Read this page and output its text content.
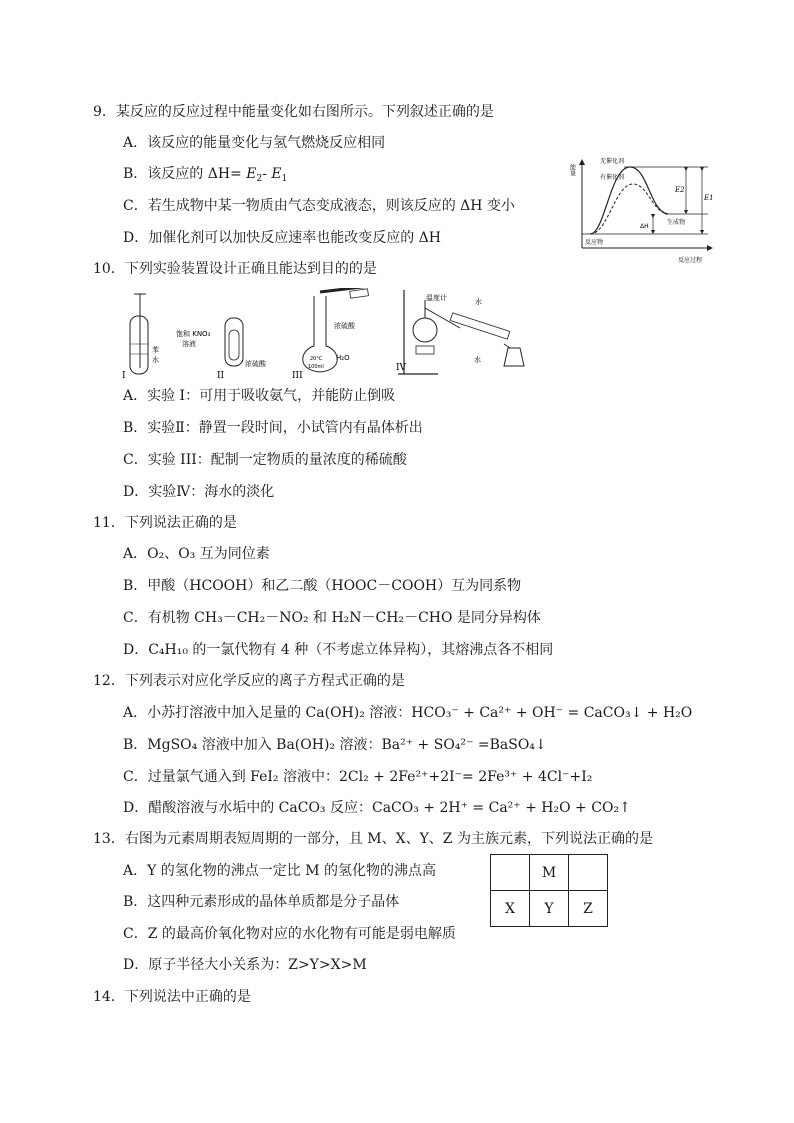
9．某反应的反应过程中能量变化如右图所示。下列叙述正确的是
A．该反应的能量变化与氢气燃烧反应相同
B．该反应的 $\Delta H= E_2-$ $E_1$
C．若生成物中某一物质由气态变成液态，则该反应的 ΔH 变小
D．加催化剂可以加快反应速率也能改变反应的 ΔH
能量
无催化剂
有催化剂
E2
E1
ΔH
生成物
反应物
反应过程
10．下列实验装置设计正确且能达到目的的是
苯
水
I
饱和 KNO₃
溶液
浓硫酸
II
浓硫酸
H₂O
20°C
100ml
III
温度计	水
水
IV
A．实验 I：可用于吸收氨气，并能防止倒吸
B．实验Ⅱ：静置一段时间，小试管内有晶体析出
C．实验 III：配制一定物质的量浓度的稀硫酸
D．实验Ⅳ：海水的淡化
11．下列说法正确的是
A．O₂、O₃ 互为同位素
B．甲酸（HCOOH）和乙二酸（HOOC－COOH）互为同系物
C．有机物 CH₃－CH₂－NO₂ 和 H₂N－CH₂－CHO 是同分异构体
D．C₄H₁₀ 的一氯代物有 4 种（不考虑立体异构），其熔沸点各不相同
12．下列表示对应化学反应的离子方程式正确的是
A．小苏打溶液中加入足量的 Ca(OH)₂ 溶液：HCO₃⁻ + Ca²⁺ + OH⁻ = CaCO₃↓ + H₂O
B．MgSO₄ 溶液中加入 Ba(OH)₂ 溶液：Ba²⁺ + SO₄²⁻ =BaSO₄↓
C．过量氯气通入到 FeI₂ 溶液中：2Cl₂ + 2Fe²⁺+2I⁻= 2Fe³⁺ + 4Cl⁻+I₂
D．醋酸溶液与水垢中的 CaCO₃ 反应：CaCO₃ + 2H⁺ = Ca²⁺ + H₂O + CO₂↑
13．右图为元素周期表短周期的一部分，且 M、X、Y、Z 为主族元素，下列说法正确的是
A．Y 的氢化物的沸点一定比 M 的氢化物的沸点高
B．这四种元素形成的晶体单质都是分子晶体
C．Z 的最高价氧化物对应的水化物有可能是弱电解质
D．原子半径大小关系为：Z>Y>X>M
	M	
X	Y	Z
14．下列说法中正确的是
